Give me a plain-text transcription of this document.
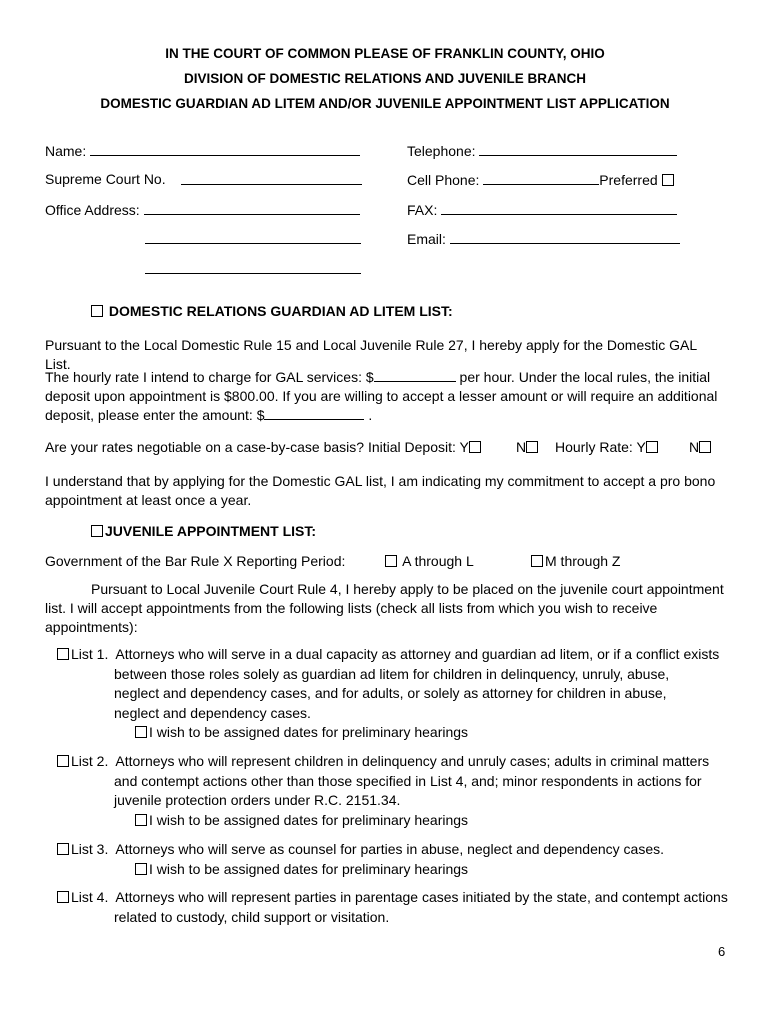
IN THE COURT OF COMMON PLEASE OF FRANKLIN COUNTY, OHIO
DIVISION OF DOMESTIC RELATIONS AND JUVENILE BRANCH
DOMESTIC GUARDIAN AD LITEM AND/OR JUVENILE APPOINTMENT LIST APPLICATION
Name:	Telephone:
Supreme Court No.	Cell Phone:	Preferred
Office Address:	FAX:
Email:
DOMESTIC RELATIONS GUARDIAN AD LITEM LIST:
Pursuant to the Local Domestic Rule 15 and Local Juvenile Rule 27, I hereby apply for the Domestic GAL List.
The hourly rate I intend to charge for GAL services: $	per hour. Under the local rules, the initial deposit upon appointment is $800.00. If you are willing to accept a lesser amount or will require an additional deposit, please enter the amount: $	.
Are your rates negotiable on a case-by-case basis? Initial Deposit: Y	N	Hourly Rate: Y	N
I understand that by applying for the Domestic GAL list, I am indicating my commitment to accept a pro bono appointment at least once a year.
JUVENILE APPOINTMENT LIST:
Government of the Bar Rule X Reporting Period:	A through L	M through Z
Pursuant to Local Juvenile Court Rule 4, I hereby apply to be placed on the juvenile court appointment list. I will accept appointments from the following lists (check all lists from which you wish to receive appointments):
List 1. Attorneys who will serve in a dual capacity as attorney and guardian ad litem, or if a conflict exists
between those roles solely as guardian ad litem for children in delinquency, unruly, abuse, neglect and dependency cases, and for adults, or solely as attorney for children in abuse, neglect and dependency cases.
I wish to be assigned dates for preliminary hearings
List 2. Attorneys who will represent children in delinquency and unruly cases; adults in criminal matters
and contempt actions other than those specified in List 4, and; minor respondents in actions for juvenile protection orders under R.C. 2151.34.
I wish to be assigned dates for preliminary hearings
List 3. Attorneys who will serve as counsel for parties in abuse, neglect and dependency cases.
I wish to be assigned dates for preliminary hearings
List 4. Attorneys who will represent parties in parentage cases initiated by the state, and contempt actions
related to custody, child support or visitation.
6
